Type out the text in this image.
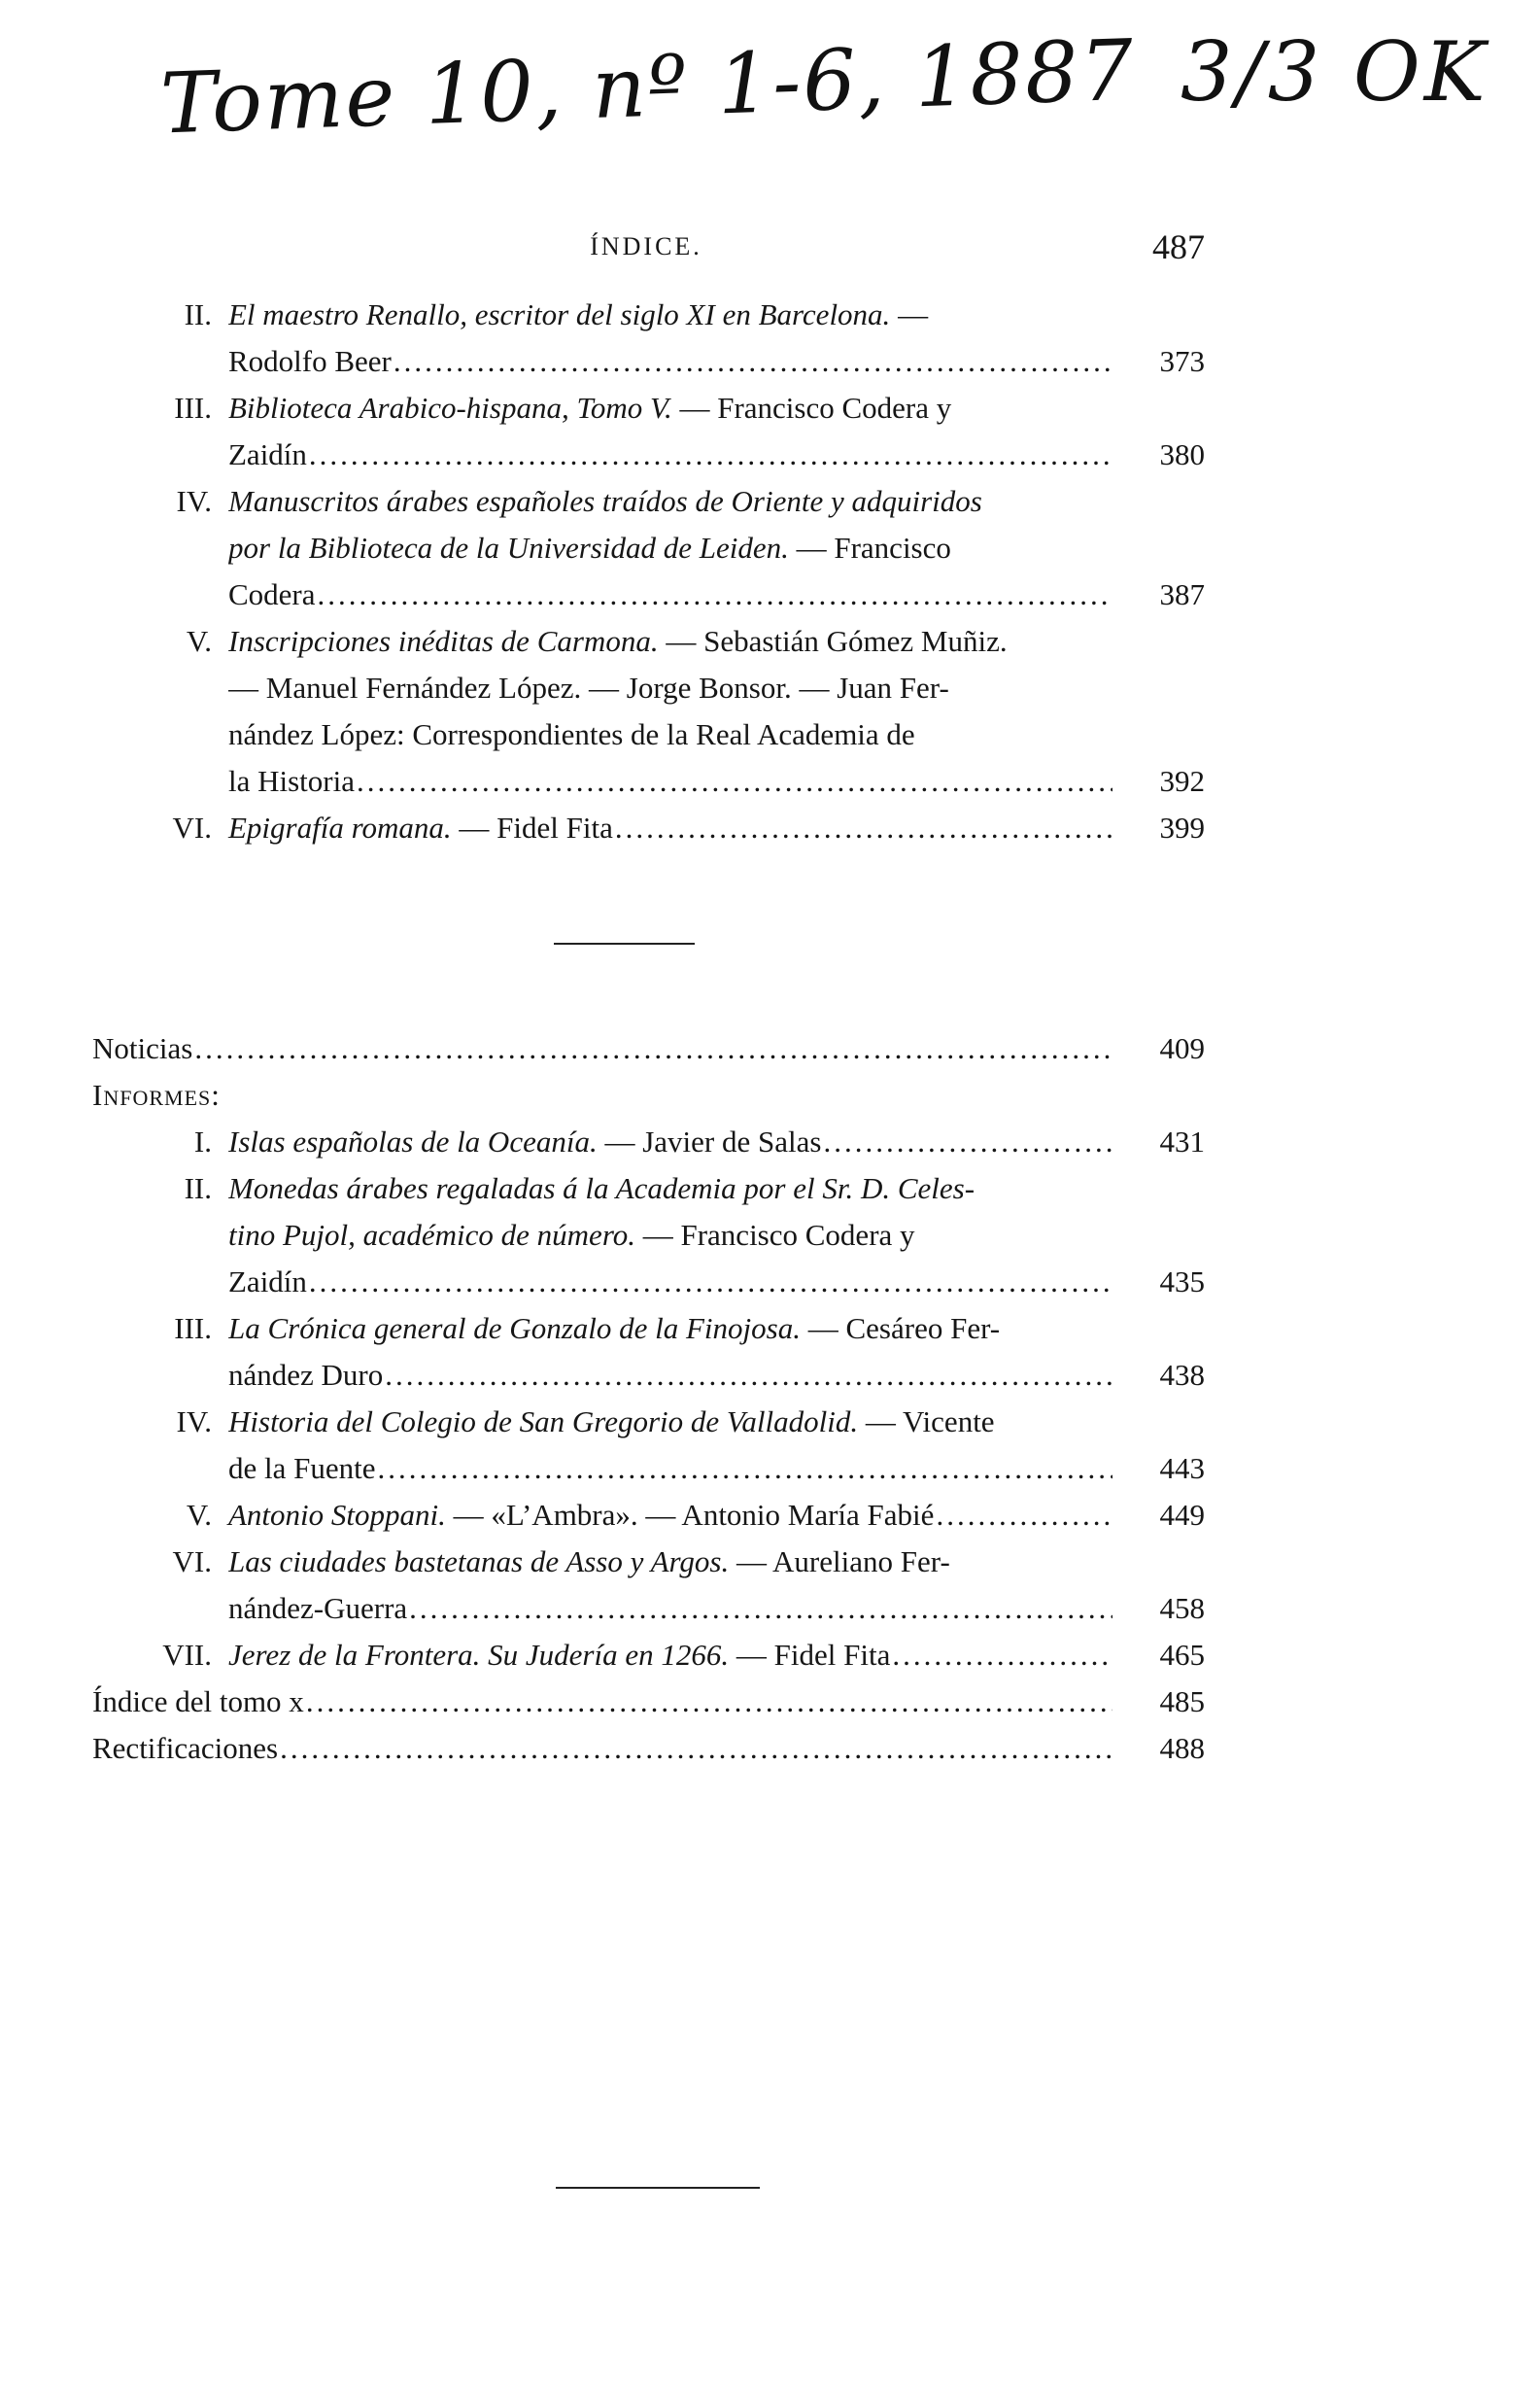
Tome 10, nº 1-6, 1887 3/3 OK
ÍNDICE.	487
II. El maestro Renallo, escritor del siglo XI en Barcelona. —
Rodolfo Beer .....	373
III. Biblioteca Arabico-hispana, Tomo V. — Francisco Codera y
Zaidín .....	380
IV. Manuscritos árabes españoles traídos de Oriente y adquiridos
por la Biblioteca de la Universidad de Leiden. — Francisco
Codera .....	387
V. Inscripciones inéditas de Carmona. — Sebastián Gómez Muñiz.
— Manuel Fernández López. — Jorge Bonsor. — Juan Fer-
nández López: Correspondientes de la Real Academia de
la Historia .....	392
VI. Epigrafía romana. — Fidel Fita .....	399
Noticias .....	409
Informes:
I. Islas españolas de la Oceanía. — Javier de Salas .....	431
II. Monedas árabes regaladas á la Academia por el Sr. D. Celes-
tino Pujol, académico de número. — Francisco Codera y
Zaidín .....	435
III. La Crónica general de Gonzalo de la Finojosa. — Cesáreo Fer-
nández Duro .....	438
IV. Historia del Colegio de San Gregorio de Valladolid. — Vicente
de la Fuente .....	443
V. Antonio Stoppani. — «L’Ambra». — Antonio María Fabié .....	449
VI. Las ciudades bastetanas de Asso y Argos. — Aureliano Fer-
nández-Guerra .....	458
VII. Jerez de la Frontera. Su Judería en 1266. — Fidel Fita .....	465
Índice del tomo x .....	485
Rectificaciones .....	488
